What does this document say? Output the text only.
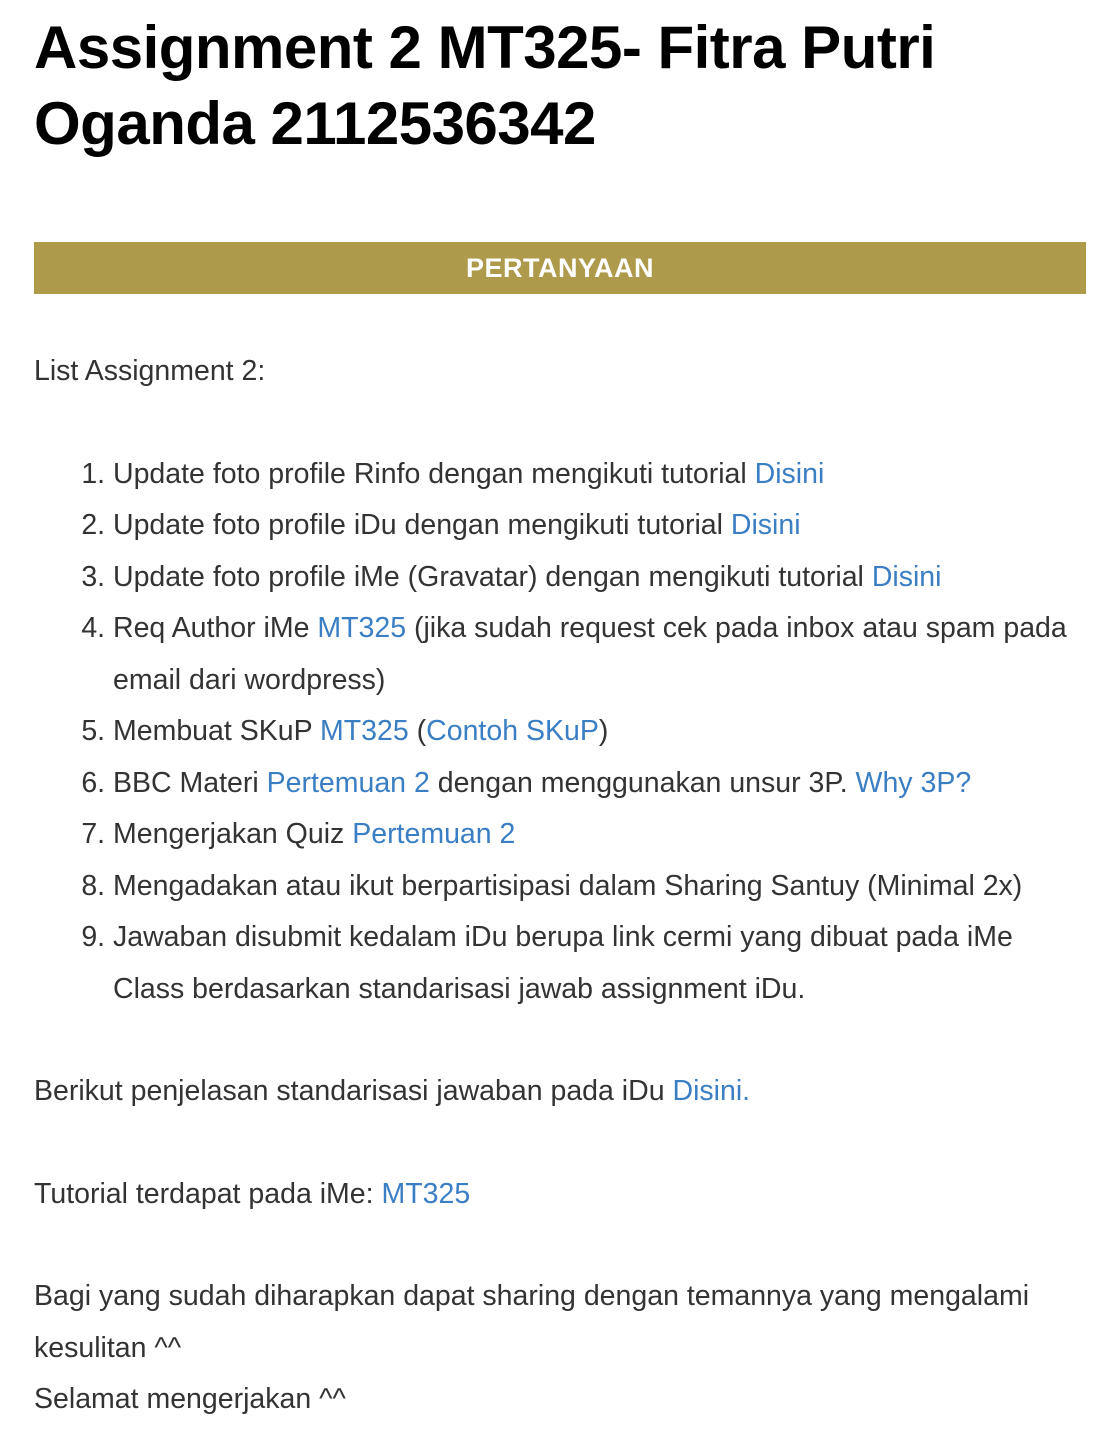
Assignment 2 MT325- Fitra Putri Oganda 2112536342
PERTANYAAN
List Assignment 2:
1. Update foto profile Rinfo dengan mengikuti tutorial Disini
2. Update foto profile iDu dengan mengikuti tutorial Disini
3. Update foto profile iMe (Gravatar) dengan mengikuti tutorial Disini
4. Req Author iMe MT325 (jika sudah request cek pada inbox atau spam pada email dari wordpress)
5. Membuat SKuP MT325 (Contoh SKuP)
6. BBC Materi Pertemuan 2 dengan menggunakan unsur 3P. Why 3P?
7. Mengerjakan Quiz Pertemuan 2
8. Mengadakan atau ikut berpartisipasi dalam Sharing Santuy (Minimal 2x)
9. Jawaban disubmit kedalam iDu berupa link cermi yang dibuat pada iMe Class berdasarkan standarisasi jawab assignment iDu.
Berikut penjelasan standarisasi jawaban pada iDu Disini.
Tutorial terdapat pada iMe: MT325
Bagi yang sudah diharapkan dapat sharing dengan temannya yang mengalami kesulitan ^^
Selamat mengerjakan ^^
